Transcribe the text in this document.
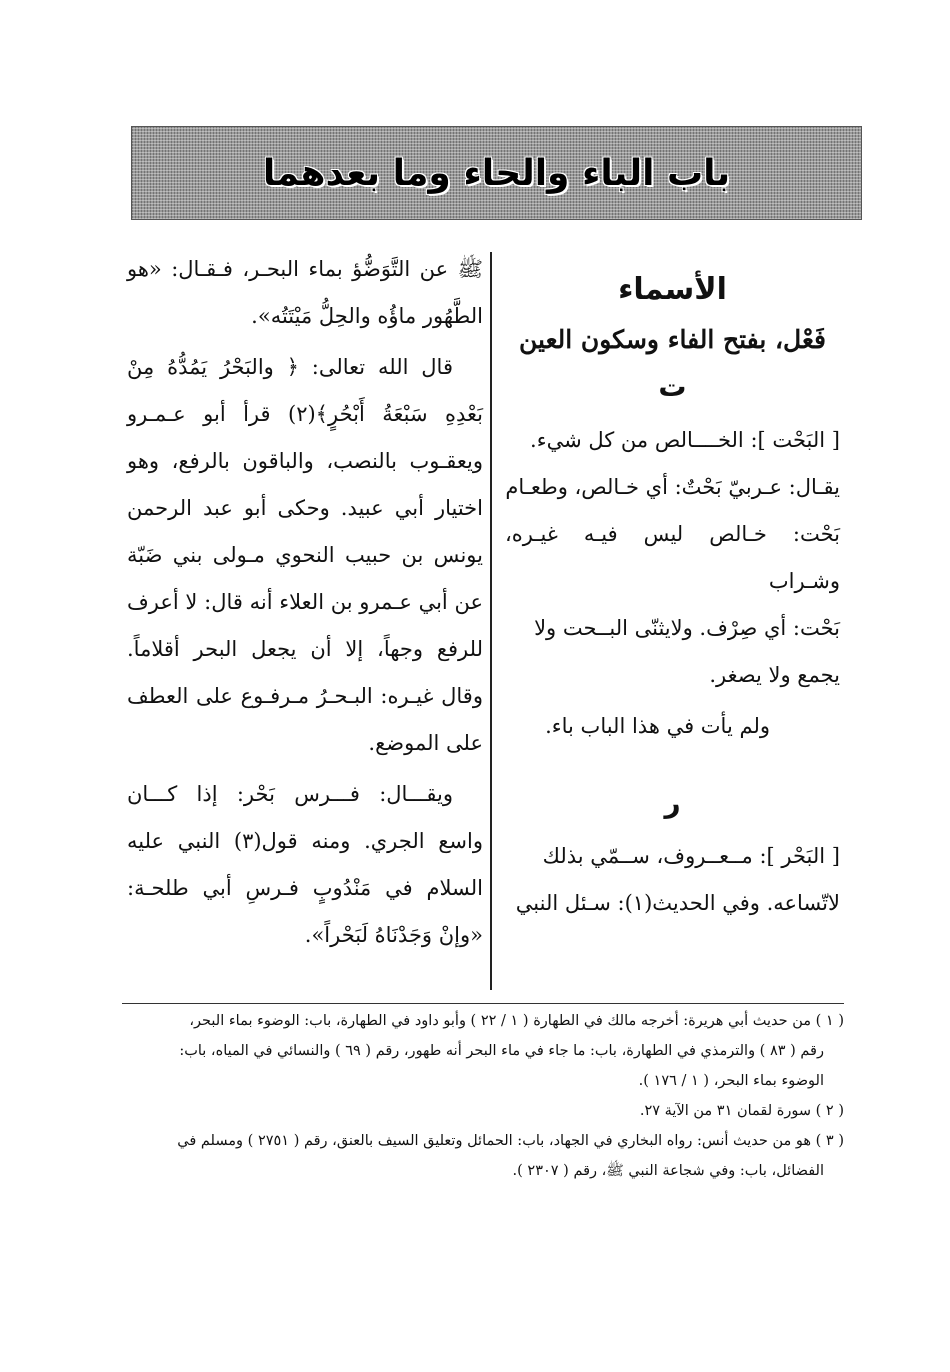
باب الباء والحاء وما بعدهما
الأسماء
فَعْل، بفتح الفاء وسكون العين
ت

[ البَحْت ]: الخــــالص من كل شيء.

يقـال: عـربيّ بَحْتٌ: أي خـالص، وطعـام

بَحْت: خـالص ليس فيـه غيـره، وشـراب

بَحْت: أي صِرْف. ولايثنّى البــحت ولا

يجمع ولا يصغر.

ولم يأت في هذا الباب باء.

ر

[ البَحْر ]: مــعــروف، ســمّي بذلك

لاتّساعه. وفي الحديث(١): سـئل النبي

ﷺ عن التَّوَضُّؤ بماء البحـر، فـقـال: «هو الطَّهُور ماؤُه والحِلُّ مَيْتَتُه».

قال الله تعالى: ﴿ والبَحْرُ يَمُدُّهُ مِنْ بَعْدِهِ سَبْعَةُ أَبْحُرٍ﴾(٢) قرأ أبو عـمـرو ويعقـوب بالنصب، والباقون بالرفع، وهو اختيار أبي عبيد. وحكى أبو عبد الرحمن يونس بن حبيب النحوي مـولى بني ضَبّة عن أبي عـمرو بن العلاء أنه قال: لا أعرف للرفع وجهاً، إلا أن يجعل البحر أقلاماً. وقال غيـره: البـحـرُ مـرفـوع على العطف على الموضع.

ويقـــال: فـــرس بَحْر: إذا كـــان واسع الجري. ومنه قول(٣) النبي عليه السلام في مَنْدُوبٍ فـرسِ أبي طلحـة: «وإنْ وَجَدْنَاهُ لَبَحْراً».

( ١ ) من حديث أبي هريرة: أخرجه مالك في الطهارة ( ١ / ٢٢ ) وأبو داود في الطهارة، باب: الوضوء بماء البحر،

رقم ( ٨٣ ) والترمذي في الطهارة، باب: ما جاء في ماء البحر أنه طهور، رقم ( ٦٩ ) والنسائي في المياه، باب:

الوضوء بماء البحر، ( ١ / ١٧٦ ).

( ٢ ) سورة لقمان ٣١ من الآية ٢٧.

( ٣ ) هو من حديث أنس: رواه البخاري في الجهاد، باب: الحمائل وتعليق السيف بالعنق، رقم ( ٢٧٥١ ) ومسلم في

الفضائل، باب: وفي شجاعة النبي ﷺ، رقم ( ٢٣٠٧ ).
